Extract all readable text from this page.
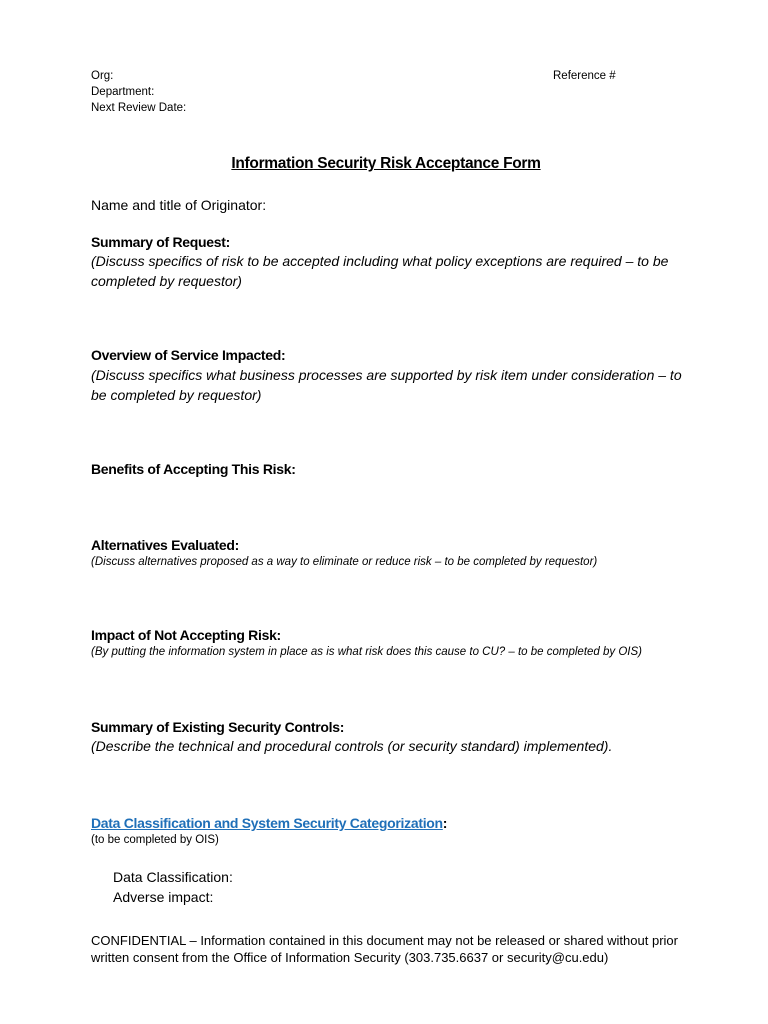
Org:
Department:
Next Review Date:
Reference #
Information Security Risk Acceptance Form
Name and title of Originator:
Summary of Request:
(Discuss specifics of risk to be accepted including what policy exceptions are required – to be completed by requestor)
Overview of Service Impacted:
(Discuss specifics what business processes are supported by risk item under consideration – to be completed by requestor)
Benefits of Accepting This Risk:
Alternatives Evaluated:
(Discuss alternatives proposed as a way to eliminate or reduce risk – to be completed by requestor)
Impact of Not Accepting Risk:
(By putting the information system in place as is what risk does this cause to CU? – to be completed by OIS)
Summary of Existing Security Controls:
(Describe the technical and procedural controls (or security standard) implemented).
Data Classification and System Security Categorization:
(to be completed by OIS)
Data Classification:
Adverse impact:
CONFIDENTIAL – Information contained in this document may not be released or shared without prior written consent from the Office of Information Security (303.735.6637 or security@cu.edu)
